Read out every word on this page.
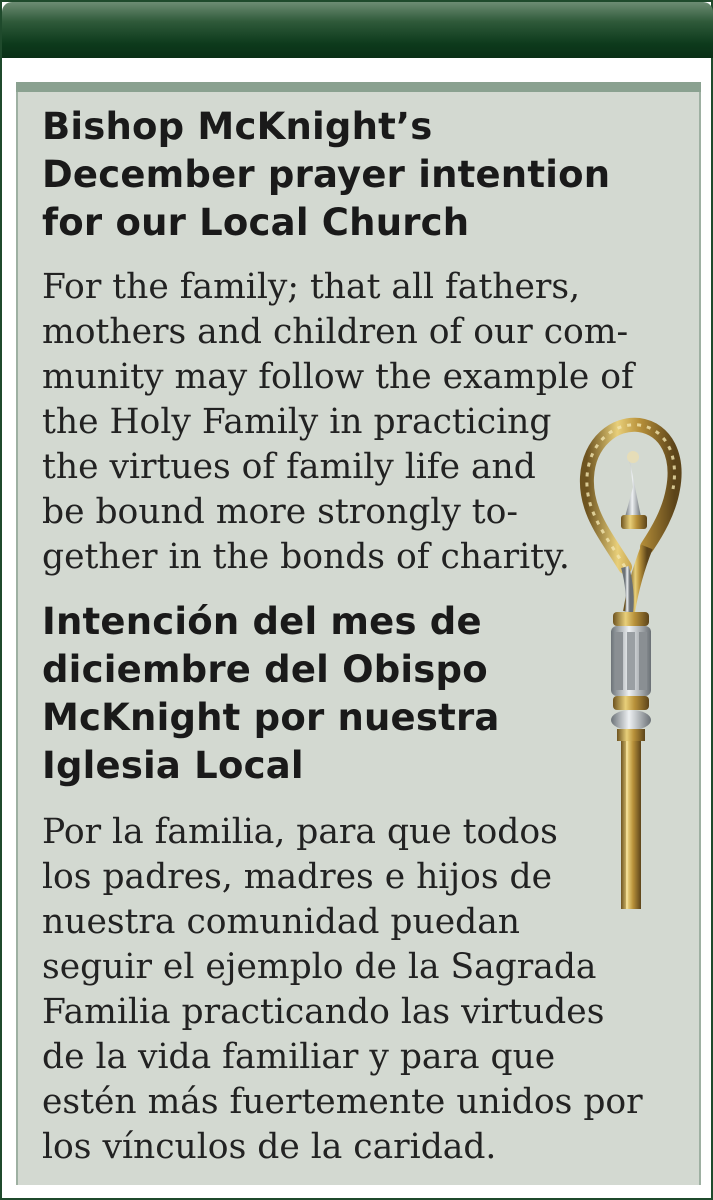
Bishop McKnight’s
December prayer intention
for our Local Church

For the family; that all fathers,
mothers and children of our com-
munity may follow the example of
the Holy Family in practicing
the virtues of family life and
be bound more strongly to-
gether in the bonds of charity.

Intención del mes de
diciembre del Obispo
McKnight por nuestra
Iglesia Local

Por la familia, para que todos
los padres, madres e hijos de
nuestra comunidad puedan
seguir el ejemplo de la Sagrada
Familia practicando las virtudes
de la vida familiar y para que
estén más fuertemente unidos por
los vínculos de la caridad.
